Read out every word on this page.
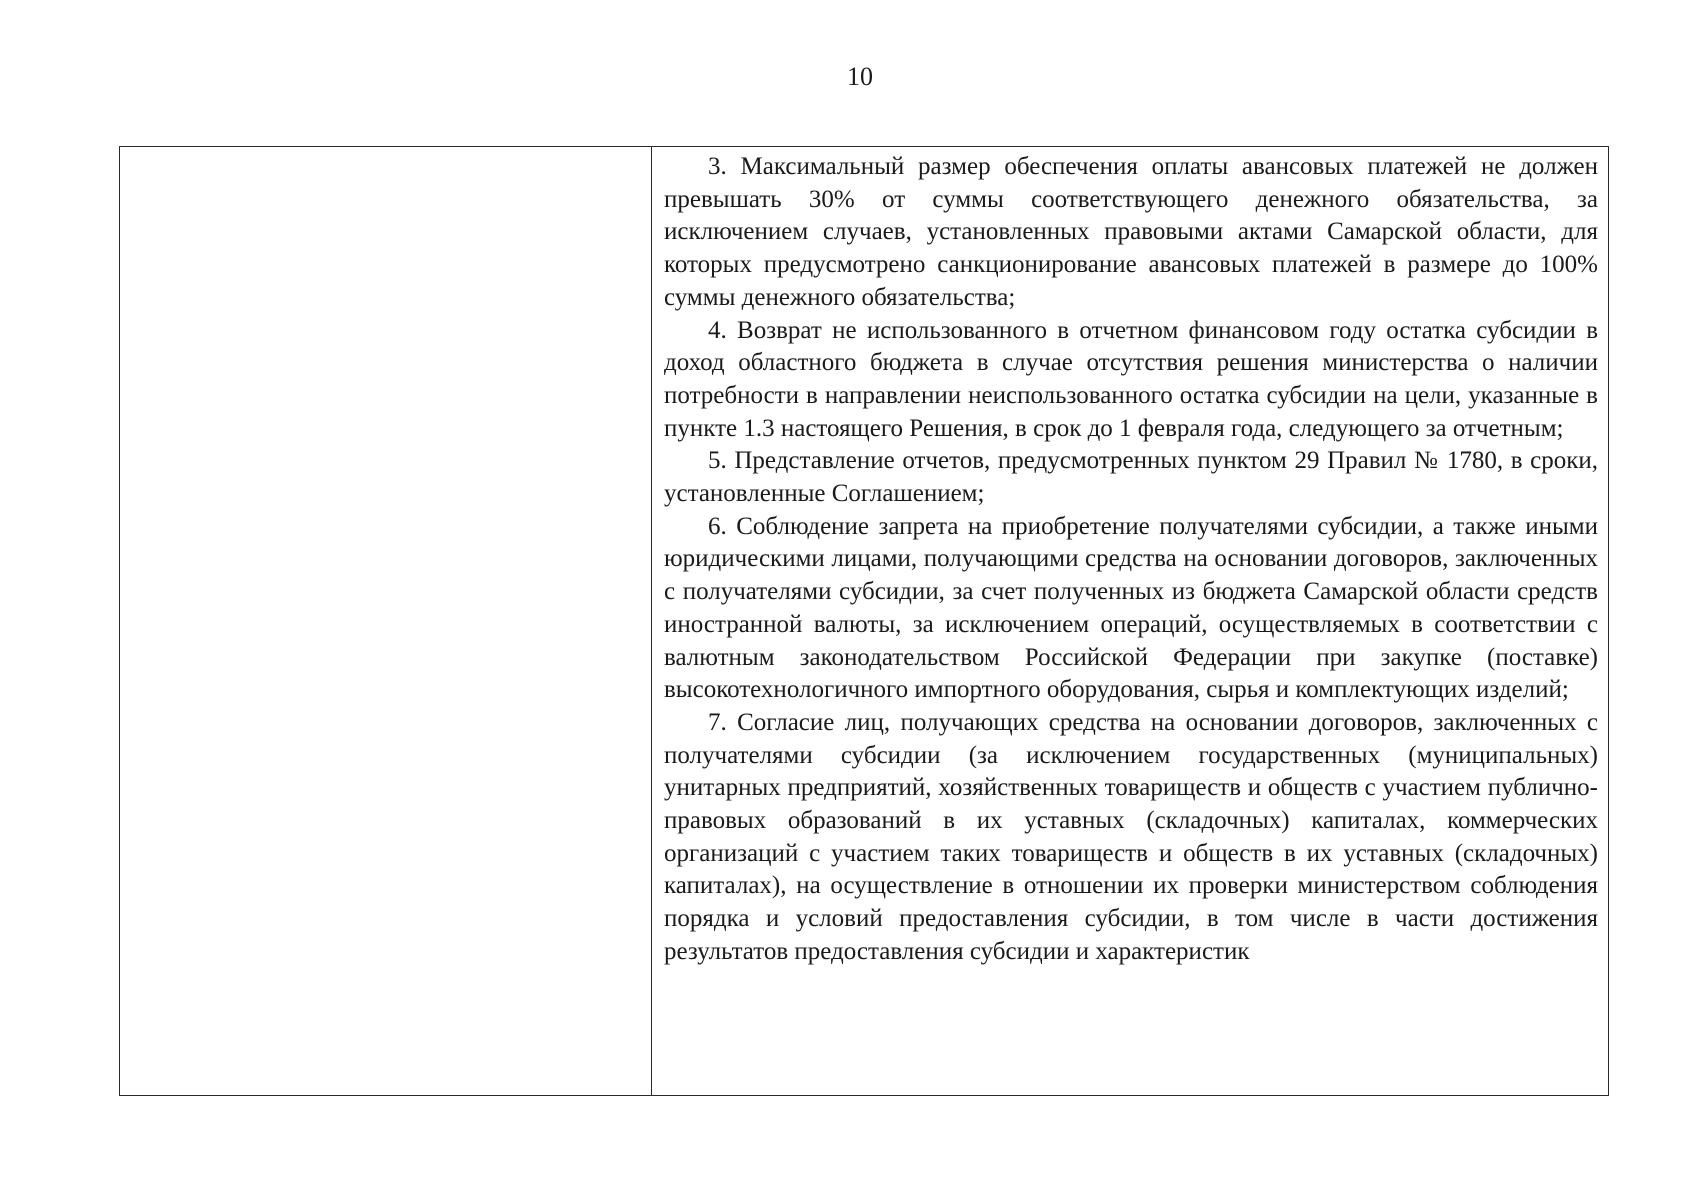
10

3. Максимальный размер обеспечения оплаты авансовых платежей не должен превышать 30% от суммы соответствующего денежного обязательства, за исключением случаев, установленных правовыми актами Самарской области, для которых предусмотрено санкционирование авансовых платежей в размере до 100% суммы денежного обязательства;

4. Возврат не использованного в отчетном финансовом году остатка субсидии в доход областного бюджета в случае отсутствия решения министерства о наличии потребности в направлении неиспользованного остатка субсидии на цели, указанные в пункте 1.3 настоящего Решения, в срок до 1 февраля года, следующего за отчетным;

5. Представление отчетов, предусмотренных пунктом 29 Правил № 1780, в сроки, установленные Соглашением;

6. Соблюдение запрета на приобретение получателями субсидии, а также иными юридическими лицами, получающими средства на основании договоров, заключенных с получателями субсидии, за счет полученных из бюджета Самарской области средств иностранной валюты, за исключением операций, осуществляемых в соответствии с валютным законодательством Российской Федерации при закупке (поставке) высокотехнологичного импортного оборудования, сырья и комплектующих изделий;

7. Согласие лиц, получающих средства на основании договоров, заключенных с получателями субсидии (за исключением государственных (муниципальных) унитарных предприятий, хозяйственных товариществ и обществ с участием публично-правовых образований в их уставных (складочных) капиталах, коммерческих организаций с участием таких товариществ и обществ в их уставных (складочных) капиталах), на осуществление в отношении их проверки министерством соблюдения порядка и условий предоставления субсидии, в том числе в части достижения результатов предоставления субсидии и характеристик
